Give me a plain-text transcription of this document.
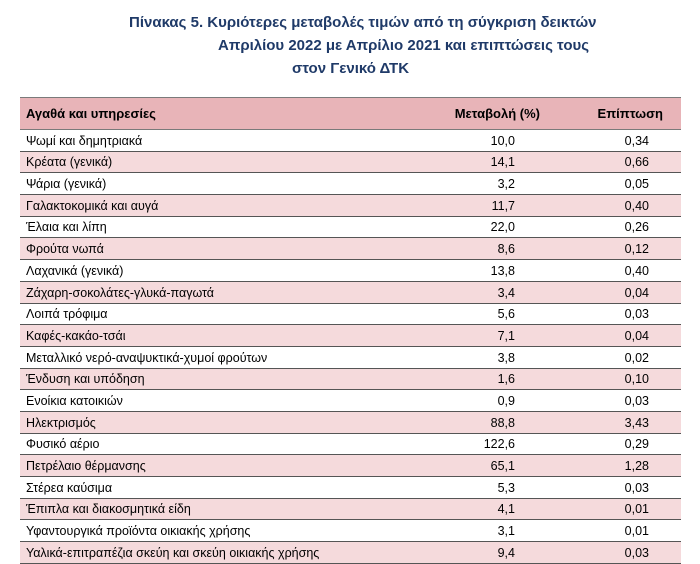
Πίνακας 5. Κυριότερες μεταβολές τιμών από τη σύγκριση δεικτών
Απριλίου 2022 με Απρίλιο 2021 και επιπτώσεις τους
στον Γενικό ΔΤΚ
Αγαθά και υπηρεσίες	Μεταβολή (%)	Επίπτωση
Ψωμί και δημητριακά	10,0	0,34
Κρέατα (γενικά)	14,1	0,66
Ψάρια (γενικά)	3,2	0,05
Γαλακτοκομικά και αυγά	11,7	0,40
Έλαια και λίπη	22,0	0,26
Φρούτα νωπά	8,6	0,12
Λαχανικά (γενικά)	13,8	0,40
Ζάχαρη-σοκολάτες-γλυκά-παγωτά	3,4	0,04
Λοιπά τρόφιμα	5,6	0,03
Καφές-κακάο-τσάι	7,1	0,04
Μεταλλικό νερό-αναψυκτικά-χυμοί φρούτων	3,8	0,02
Ένδυση και υπόδηση	1,6	0,10
Ενοίκια κατοικιών	0,9	0,03
Ηλεκτρισμός	88,8	3,43
Φυσικό αέριο	122,6	0,29
Πετρέλαιο θέρμανσης	65,1	1,28
Στέρεα καύσιμα	5,3	0,03
Έπιπλα και διακοσμητικά είδη	4,1	0,01
Υφαντουργικά προϊόντα οικιακής χρήσης	3,1	0,01
Υαλικά-επιτραπέζια σκεύη και σκεύη οικιακής χρήσης	9,4	0,03
